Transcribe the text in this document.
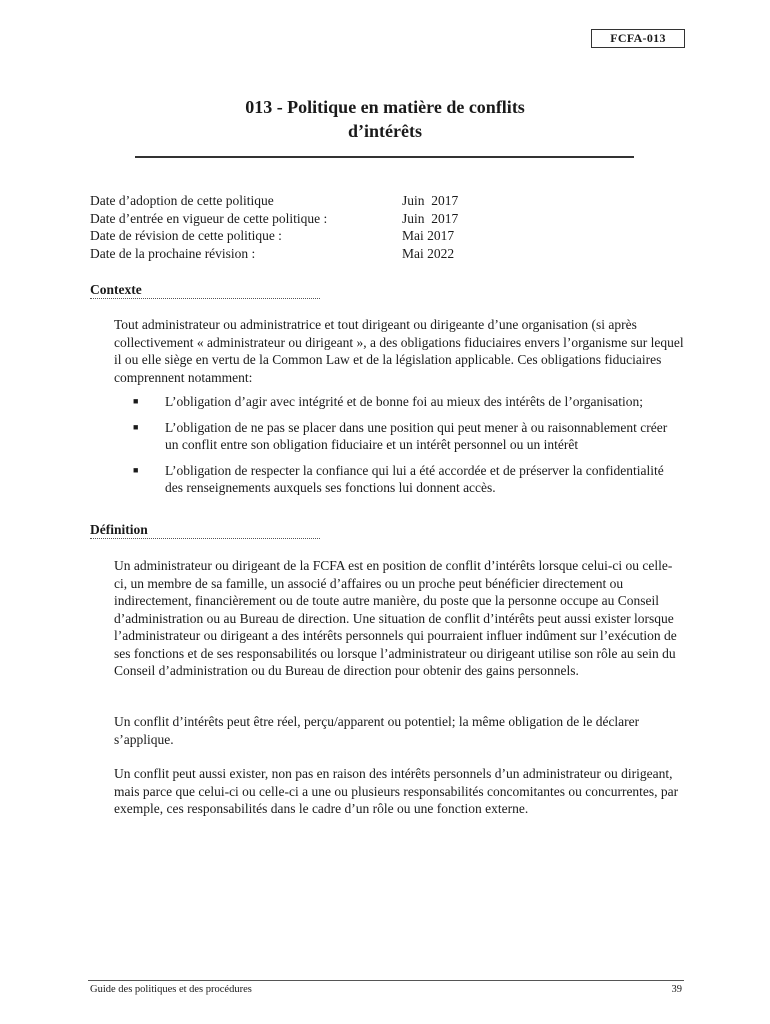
FCFA-013
013 - Politique en matière de conflits
d’intérêts
Date d’adoption de cette politique	Juin  2017
Date d’entrée en vigueur de cette politique :	Juin  2017
Date de révision de cette politique :	Mai 2017
Date de la prochaine révision :	Mai 2022
Contexte

Tout administrateur ou administratrice et tout dirigeant ou dirigeante d’une organisation (si après collectivement « administrateur ou dirigeant », a des obligations fiduciaires envers l’organisme sur lequel il ou elle siège en vertu de la Common Law et de la législation applicable. Ces obligations fiduciaires comprennent notamment:

■	L’obligation d’agir avec intégrité et de bonne foi au mieux des intérêts de l’organisation;
■	L’obligation de ne pas se placer dans une position qui peut mener à ou raisonnablement créer un conflit entre son obligation fiduciaire et un intérêt personnel ou un intérêt
■	L’obligation de respecter la confiance qui lui a été accordée et de préserver la confidentialité des renseignements auxquels ses fonctions lui donnent accès.
Définition

Un administrateur ou dirigeant de la FCFA est en position de conflit d’intérêts lorsque celui-ci ou celle-ci, un membre de sa famille, un associé d’affaires ou un proche peut bénéficier directement ou indirectement, financièrement ou de toute autre manière, du poste que la personne occupe au Conseil d’administration ou au Bureau de direction. Une situation de conflit d’intérêts peut aussi exister lorsque l’administrateur ou dirigeant a des intérêts personnels qui pourraient influer indûment sur l’exécution de ses fonctions et de ses responsabilités ou lorsque l’administrateur ou dirigeant utilise son rôle au sein du Conseil d’administration ou du Bureau de direction pour obtenir des gains personnels.

Un conflit d’intérêts peut être réel, perçu/apparent ou potentiel; la même obligation de le déclarer s’applique.

Un conflit peut aussi exister, non pas en raison des intérêts personnels d’un administrateur ou dirigeant, mais parce que celui-ci ou celle-ci a une ou plusieurs responsabilités concomitantes ou concurrentes, par exemple, ces responsabilités dans le cadre d’un rôle ou une fonction externe.

Guide des politiques et des procédures	39
